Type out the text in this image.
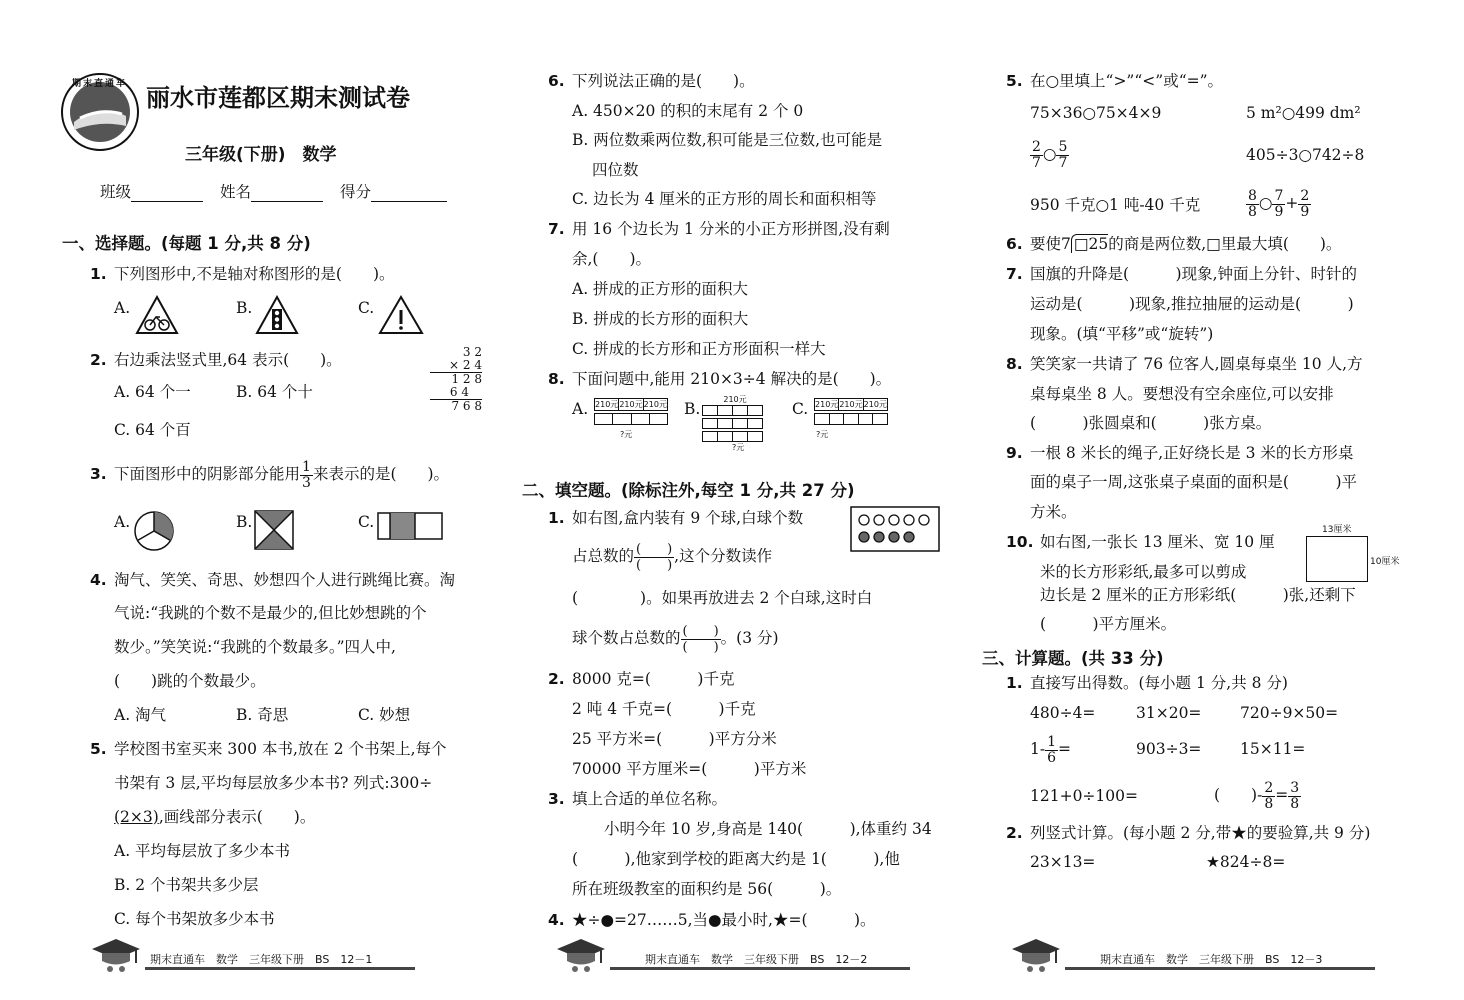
期末直通车 丽水市莲都区期末测试卷
三年级(下册)　数学
班级	姓名	得分
一、选择题。(每题 1 分,共 8 分)
1. 下列图形中,不是轴对称图形的是(　　)。
A.	B.	C.
2. 右边乘法竖式里,64 表示(　　)。
A. 64 个一	B. 64 个十
C. 64 个百
3 2
× 2 4
1 2 8
6 4
7 6 8
3. 下面图形中的阴影部分能用 $\frac{1}{3}$ 来表示的是(　　)。
A.	B.	C.
4. 淘气、笑笑、奇思、妙想四个人进行跳绳比赛。淘
气说:“我跳的个数不是最少的,但比妙想跳的个
数少。”笑笑说:“我跳的个数最多。”四人中,
(　　)跳的个数最少。
A. 淘气	B. 奇思	C. 妙想
5. 学校图书室买来 300 本书,放在 2 个书架上,每个
书架有 3 层,平均每层放多少本书? 列式:300÷
(2×3),画线部分表示(　　)。
A. 平均每层放了多少本书
B. 2 个书架共多少层
C. 每个书架放多少本书
期末直通车　数学　三年级下册　BS　12－1
6. 下列说法正确的是(　　)。
A. 450×20 的积的末尾有 2 个 0
B. 两位数乘两位数,积可能是三位数,也可能是
四位数
C. 边长为 4 厘米的正方形的周长和面积相等
7. 用 16 个边长为 1 分米的小正方形拼图,没有剩
余,(　　)。
A. 拼成的正方形的面积大
B. 拼成的长方形的面积大
C. 拼成的长方形和正方形面积一样大
8. 下面问题中,能用 210×3÷4 解决的是(　　)。
A. 210元 210元 210元
?元
B.
210元
?元
C. 210元 210元 210元
?元
二、填空题。(除标注外,每空 1 分,共 27 分)
1. 如右图,盒内装有 9 个球,白球个数
占总数的 $\frac{( )}{( )}$ ,这个分数读作
(　　　　)。如果再放进去 2 个白球,这时白
球个数占总数的 $\frac{( )}{( )}$ 。(3 分)
2. 8000 克=(　　　)千克
2 吨 4 千克=(　　　)千克
25 平方米=(　　　)平方分米
70000 平方厘米=(　　　)平方米
3. 填上合适的单位名称。
小明今年 10 岁,身高是 140(　　　),体重约 34
(　　　),他家到学校的距离大约是 1(　　　),他
所在班级教室的面积约是 56(　　　)。
4. ★÷●=27……5,当●最小时,★=(　　　)。
期末直通车　数学　三年级下册　BS　12－2
5. 在○里填上“>”“<”或“=”。
75×36○75×4×9	5 m²○499 dm²
$\frac{2}{7}$ ○ $\frac{5}{7}$	405÷3○742÷8
950 千克○1 吨-40 千克	$\frac{8}{8}$ ○ $\frac{7}{9} + \frac{2}{9}$
6. 要使7 □25的商是两位数,□里最大填(　　)。
7. 国旗的升降是(　　　)现象,钟面上分针、时针的
运动是(　　　)现象,推拉抽屉的运动是(　　　)
现象。(填“平移”或“旋转”)
8. 笑笑家一共请了 76 位客人,圆桌每桌坐 10 人,方
桌每桌坐 8 人。要想没有空余座位,可以安排
(　　　)张圆桌和(　　　)张方桌。
9. 一根 8 米长的绳子,正好绕长是 3 米的长方形桌
面的桌子一周,这张桌子桌面的面积是(　　　)平
方米。
10. 如右图,一张长 13 厘米、宽 10 厘
米的长方形彩纸,最多可以剪成
边长是 2 厘米的正方形彩纸(　　　)张,还剩下
(　　　)平方厘米。
13厘米
10厘米
三、计算题。(共 33 分)
1. 直接写出得数。(每小题 1 分,共 8 分)
480÷4=	31×20= 720÷9×50=
$1- \frac{1}{6}$ =	903÷3= 15×11=
121+0÷100=	(　　)- $\frac{2}{8} = \frac{3}{8}$
2. 列竖式计算。(每小题 2 分,带★的要验算,共 9 分)
23×13=	★824÷8=
期末直通车　数学　三年级下册　BS　12－3
